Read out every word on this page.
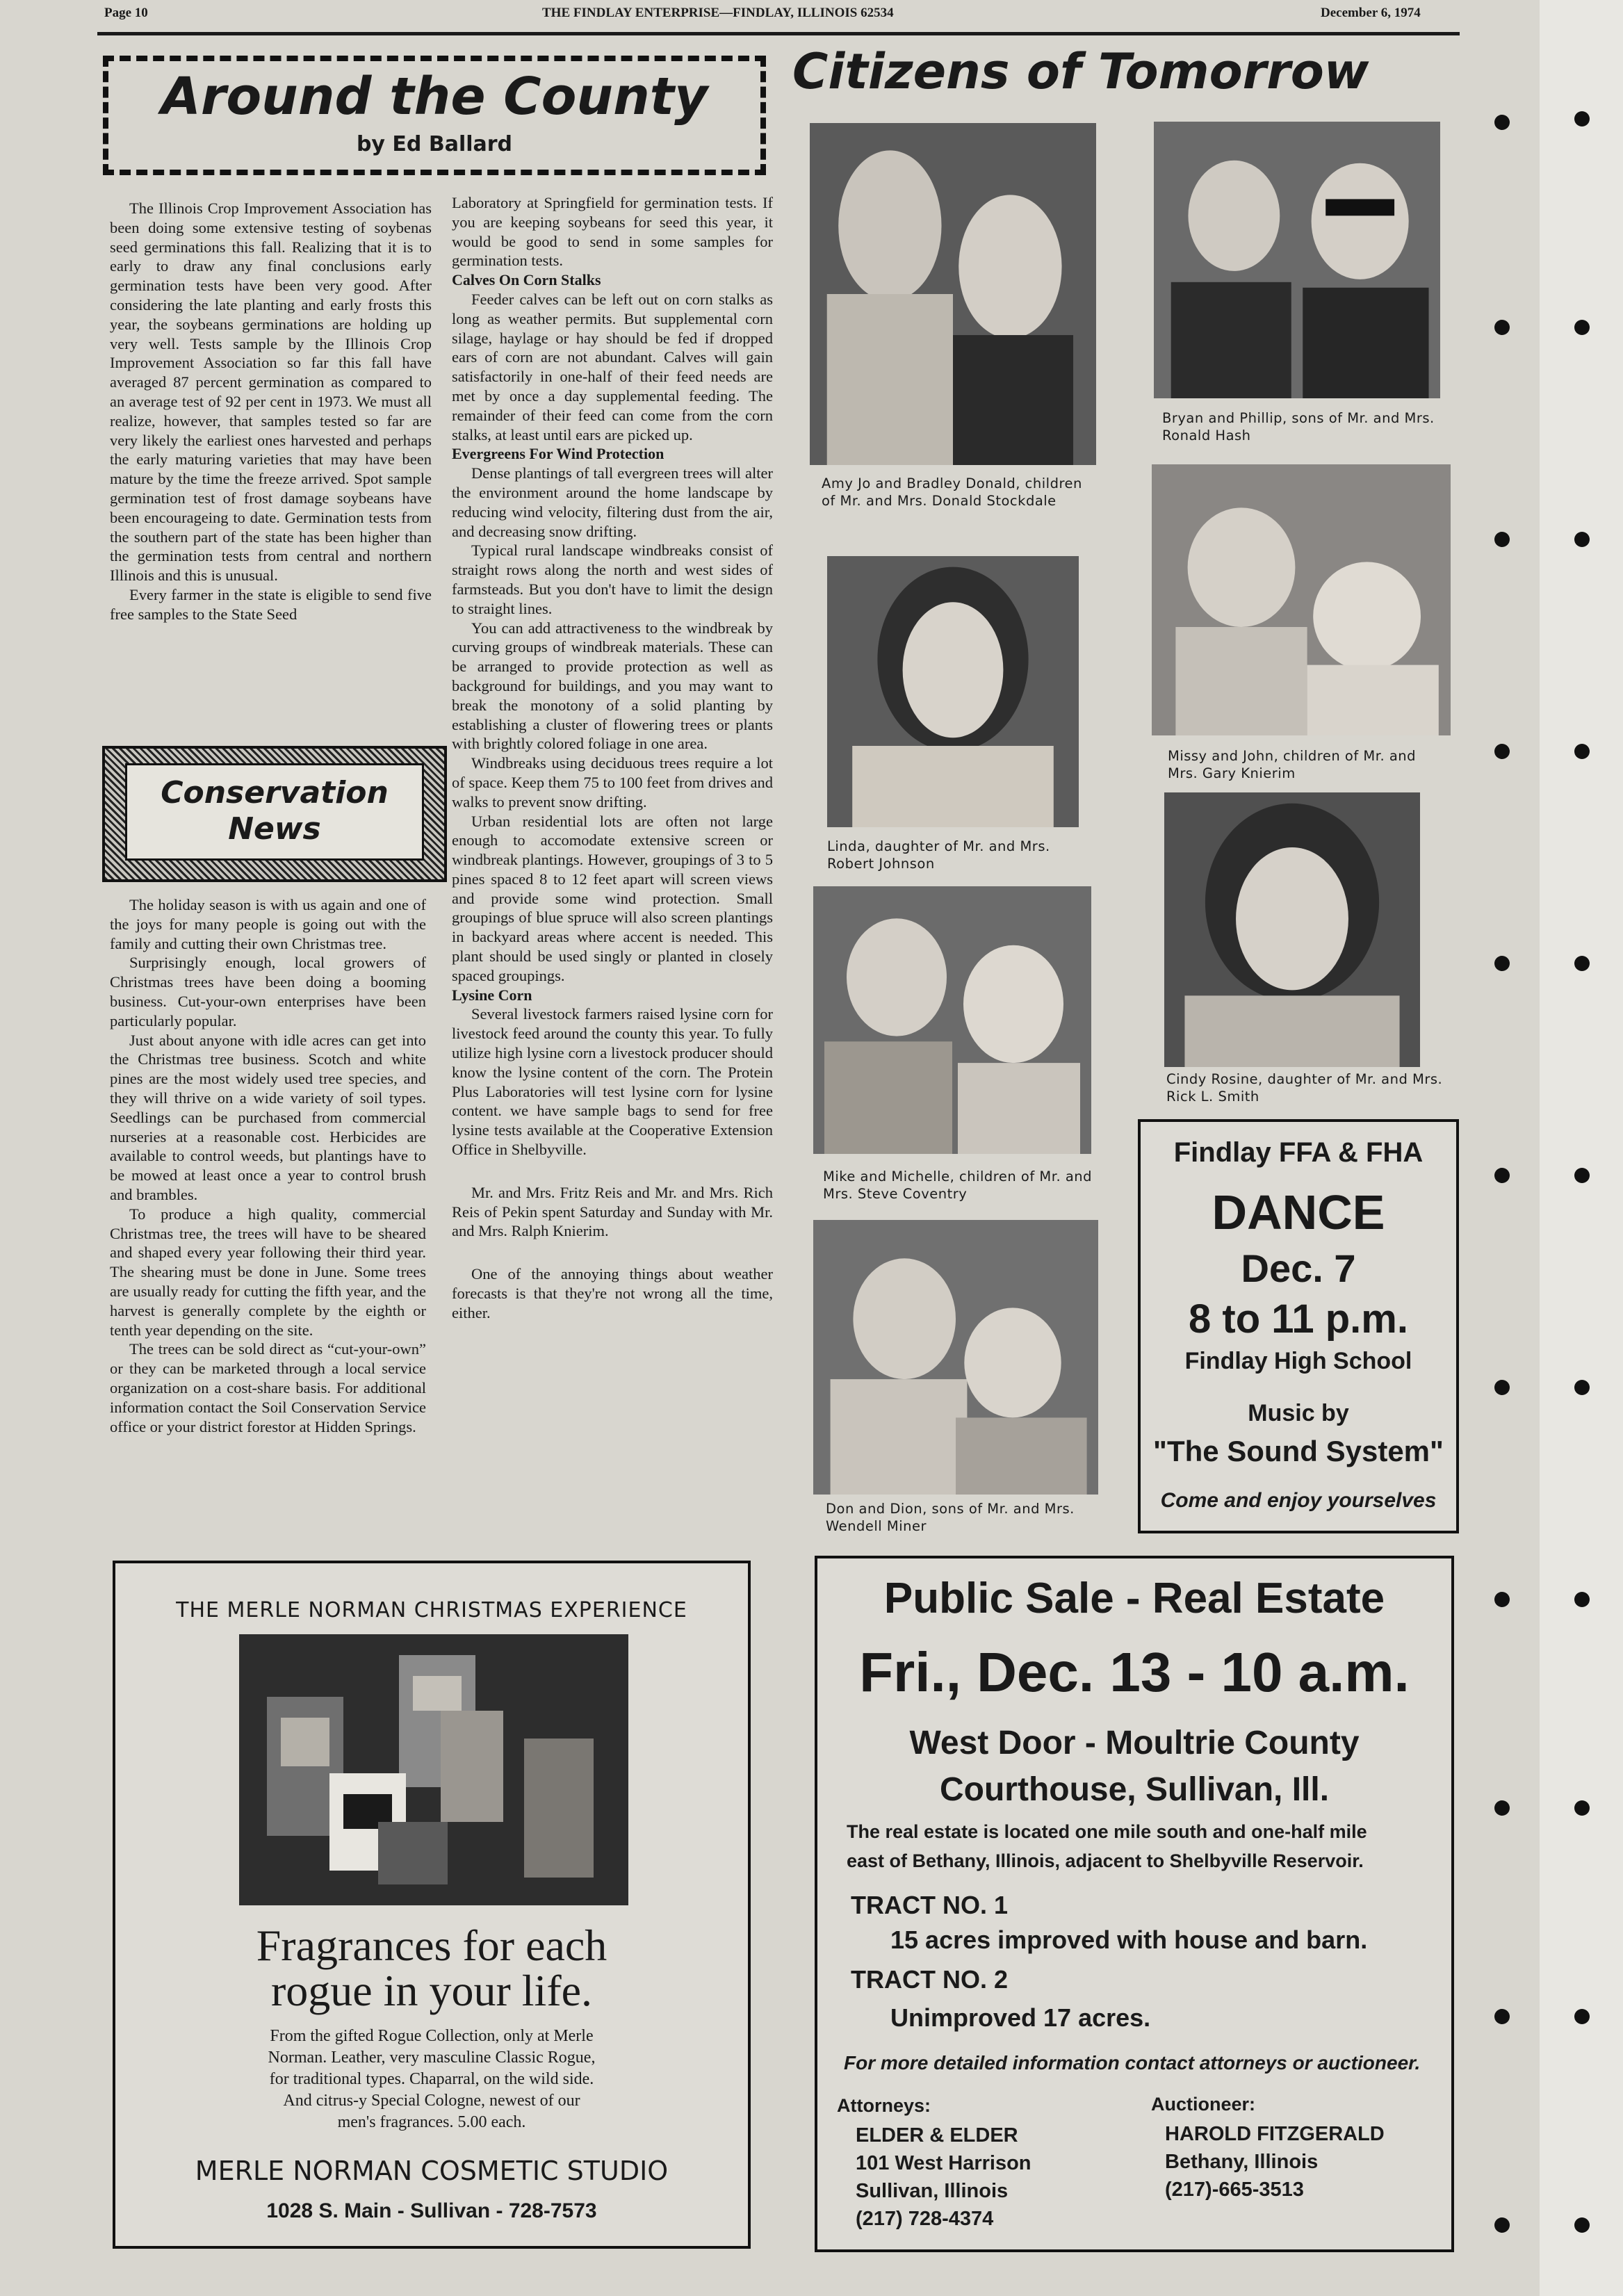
Page 10	THE FINDLAY ENTERPRISE—FINDLAY, ILLINOIS 62534	December 6, 1974
Around the County
by Ed Ballard

The Illinois Crop Improvement Association has been doing some extensive testing of soybenas seed germinations this fall. Realizing that it is to early to draw any final conclusions early germination tests have been very good. After considering the late planting and early frosts this year, the soybeans germinations are holding up very well. Tests sample by the Illinois Crop Improvement Association so far this fall have averaged 87 percent germination as compared to an average test of 92 per cent in 1973. We must all realize, however, that samples tested so far are very likely the earliest ones harvested and perhaps the early maturing varieties that may have been mature by the time the freeze arrived. Spot sample germination test of frost damage soybeans have been encourageing to date. Germination tests from the southern part of the state has been higher than the germination tests from central and northern Illinois and this is unusual.

Every farmer in the state is eligible to send five free samples to the State Seed

Laboratory at Springfield for germination tests. If you are keeping soybeans for seed this year, it would be good to send in some samples for germination tests.

Calves On Corn Stalks

Feeder calves can be left out on corn stalks as long as weather permits. But supplemental corn silage, haylage or hay should be fed if dropped ears of corn are not abundant. Calves will gain satisfactorily in one-half of their feed needs are met by once a day supplemental feeding. The remainder of their feed can come from the corn stalks, at least until ears are picked up.

Evergreens For Wind Protection

Dense plantings of tall evergreen trees will alter the environment around the home landscape by reducing wind velocity, filtering dust from the air, and decreasing snow drifting.

Typical rural landscape windbreaks consist of straight rows along the north and west sides of farmsteads. But you don't have to limit the design to straight lines.

You can add attractiveness to the windbreak by curving groups of windbreak materials. These can be arranged to provide protection as well as background for buildings, and you may want to break the monotony of a solid planting by establishing a cluster of flowering trees or plants with brightly colored foliage in one area.

Windbreaks using deciduous trees require a lot of space. Keep them 75 to 100 feet from drives and walks to prevent snow drifting.

Urban residential lots are often not large enough to accomodate extensive screen or windbreak plantings. However, groupings of 3 to 5 pines spaced 8 to 12 feet apart will screen views and provide some wind protection. Small groupings of blue spruce will also screen plantings in backyard areas where accent is needed. This plant should be used singly or planted in closely spaced groupings.

Lysine Corn

Several livestock farmers raised lysine corn for livestock feed around the county this year. To fully utilize high lysine corn a livestock producer should know the lysine content of the corn. The Protein Plus Laboratories will test lysine corn for lysine content. we have sample bags to send for free lysine tests available at the Cooperative Extension Office in Shelbyville.

Mr. and Mrs. Fritz Reis and Mr. and Mrs. Rich Reis of Pekin spent Saturday and Sunday with Mr. and Mrs. Ralph Knierim.

One of the annoying things about weather forecasts is that they're not wrong all the time, either.

Conservation
News

The holiday season is with us again and one of the joys for many people is going out with the family and cutting their own Christmas tree.

Surprisingly enough, local growers of Christmas trees have been doing a booming business. Cut-your-own enterprises have been particularly popular.

Just about anyone with idle acres can get into the Christmas tree business. Scotch and white pines are the most widely used tree species, and they will thrive on a wide variety of soil types. Seedlings can be purchased from commercial nurseries at a reasonable cost. Herbicides are available to control weeds, but plantings have to be mowed at least once a year to control brush and brambles.

To produce a high quality, commercial Christmas tree, the trees will have to be sheared and shaped every year following their third year. The shearing must be done in June. Some trees are usually ready for cutting the fifth year, and the harvest is generally complete by the eighth or tenth year depending on the site.

The trees can be sold direct as “cut-your-own” or they can be marketed through a local service organization on a cost-share basis. For additional information contact the Soil Conservation Service office or your district forestor at Hidden Springs.

Citizens of Tomorrow
Amy Jo and Bradley Donald, children of Mr. and Mrs. Donald Stockdale
Bryan and Phillip, sons of Mr. and Mrs. Ronald Hash
Linda, daughter of Mr. and Mrs. Robert Johnson
Missy and John, children of Mr. and Mrs. Gary Knierim
Mike and Michelle, children of Mr. and Mrs. Steve Coventry
Cindy Rosine, daughter of Mr. and Mrs. Rick L. Smith
Don and Dion, sons of Mr. and Mrs. Wendell Miner
Findlay FFA & FHA
DANCE
Dec. 7
8 to 11 p.m.
Findlay High School
Music by
"The Sound System"
Come and enjoy yourselves
THE MERLE NORMAN CHRISTMAS EXPERIENCE
Fragrances for each
rogue in your life.
From the gifted Rogue Collection, only at Merle
Norman. Leather, very masculine Classic Rogue,
for traditional types. Chaparral, on the wild side.
And citrus-y Special Cologne, newest of our
men's fragrances. 5.00 each.
MERLE NORMAN COSMETIC STUDIO
1028 S. Main - Sullivan - 728-7573
Public Sale - Real Estate
Fri., Dec. 13 - 10 a.m.
West Door - Moultrie County
Courthouse, Sullivan, Ill.
The real estate is located one mile south and one-half mile
east of Bethany, Illinois, adjacent to Shelbyville Reservoir.
TRACT NO. 1
15 acres improved with house and barn.
TRACT NO. 2
Unimproved 17 acres.
For more detailed information contact attorneys or auctioneer.
Attorneys:
ELDER & ELDER
101 West Harrison
Sullivan, Illinois
(217) 728-4374
Auctioneer:
HAROLD FITZGERALD
Bethany, Illinois
(217)-665-3513
